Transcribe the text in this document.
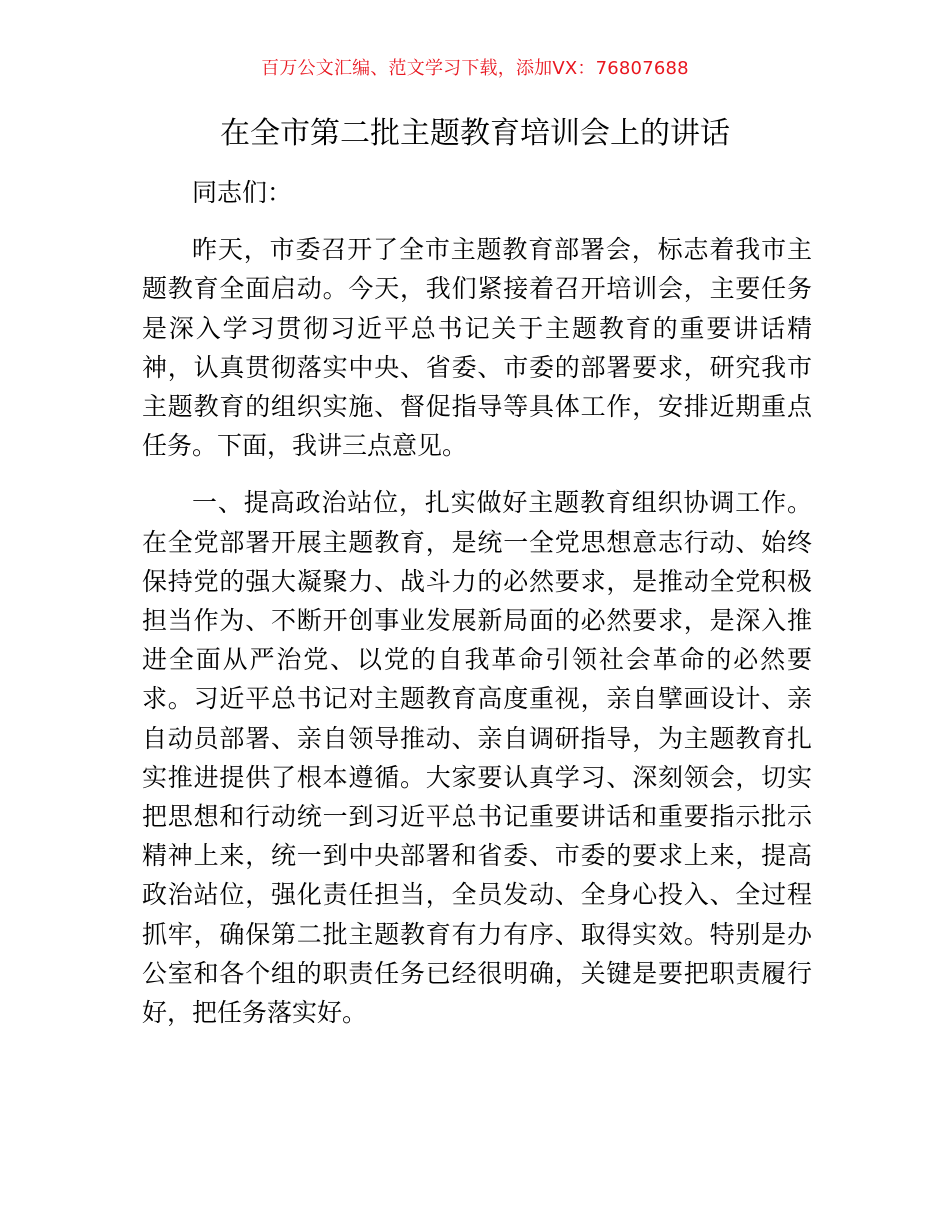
百万公文汇编、范文学习下载，添加VX：76807688
在全市第二批主题教育培训会上的讲话

同志们：

昨天，市委召开了全市主题教育部署会，标志着我市主题教育全面启动。今天，我们紧接着召开培训会，主要任务是深入学习贯彻习近平总书记关于主题教育的重要讲话精神，认真贯彻落实中央、省委、市委的部署要求，研究我市主题教育的组织实施、督促指导等具体工作，安排近期重点任务。下面，我讲三点意见。

一、提高政治站位，扎实做好主题教育组织协调工作。在全党部署开展主题教育，是统一全党思想意志行动、始终保持党的强大凝聚力、战斗力的必然要求，是推动全党积极担当作为、不断开创事业发展新局面的必然要求，是深入推进全面从严治党、以党的自我革命引领社会革命的必然要求。习近平总书记对主题教育高度重视，亲自擘画设计、亲自动员部署、亲自领导推动、亲自调研指导，为主题教育扎实推进提供了根本遵循。大家要认真学习、深刻领会，切实把思想和行动统一到习近平总书记重要讲话和重要指示批示精神上来，统一到中央部署和省委、市委的要求上来，提高政治站位，强化责任担当，全员发动、全身心投入、全过程抓牢，确保第二批主题教育有力有序、取得实效。特别是办公室和各个组的职责任务已经很明确，关键是要把职责履行好，把任务落实好。
